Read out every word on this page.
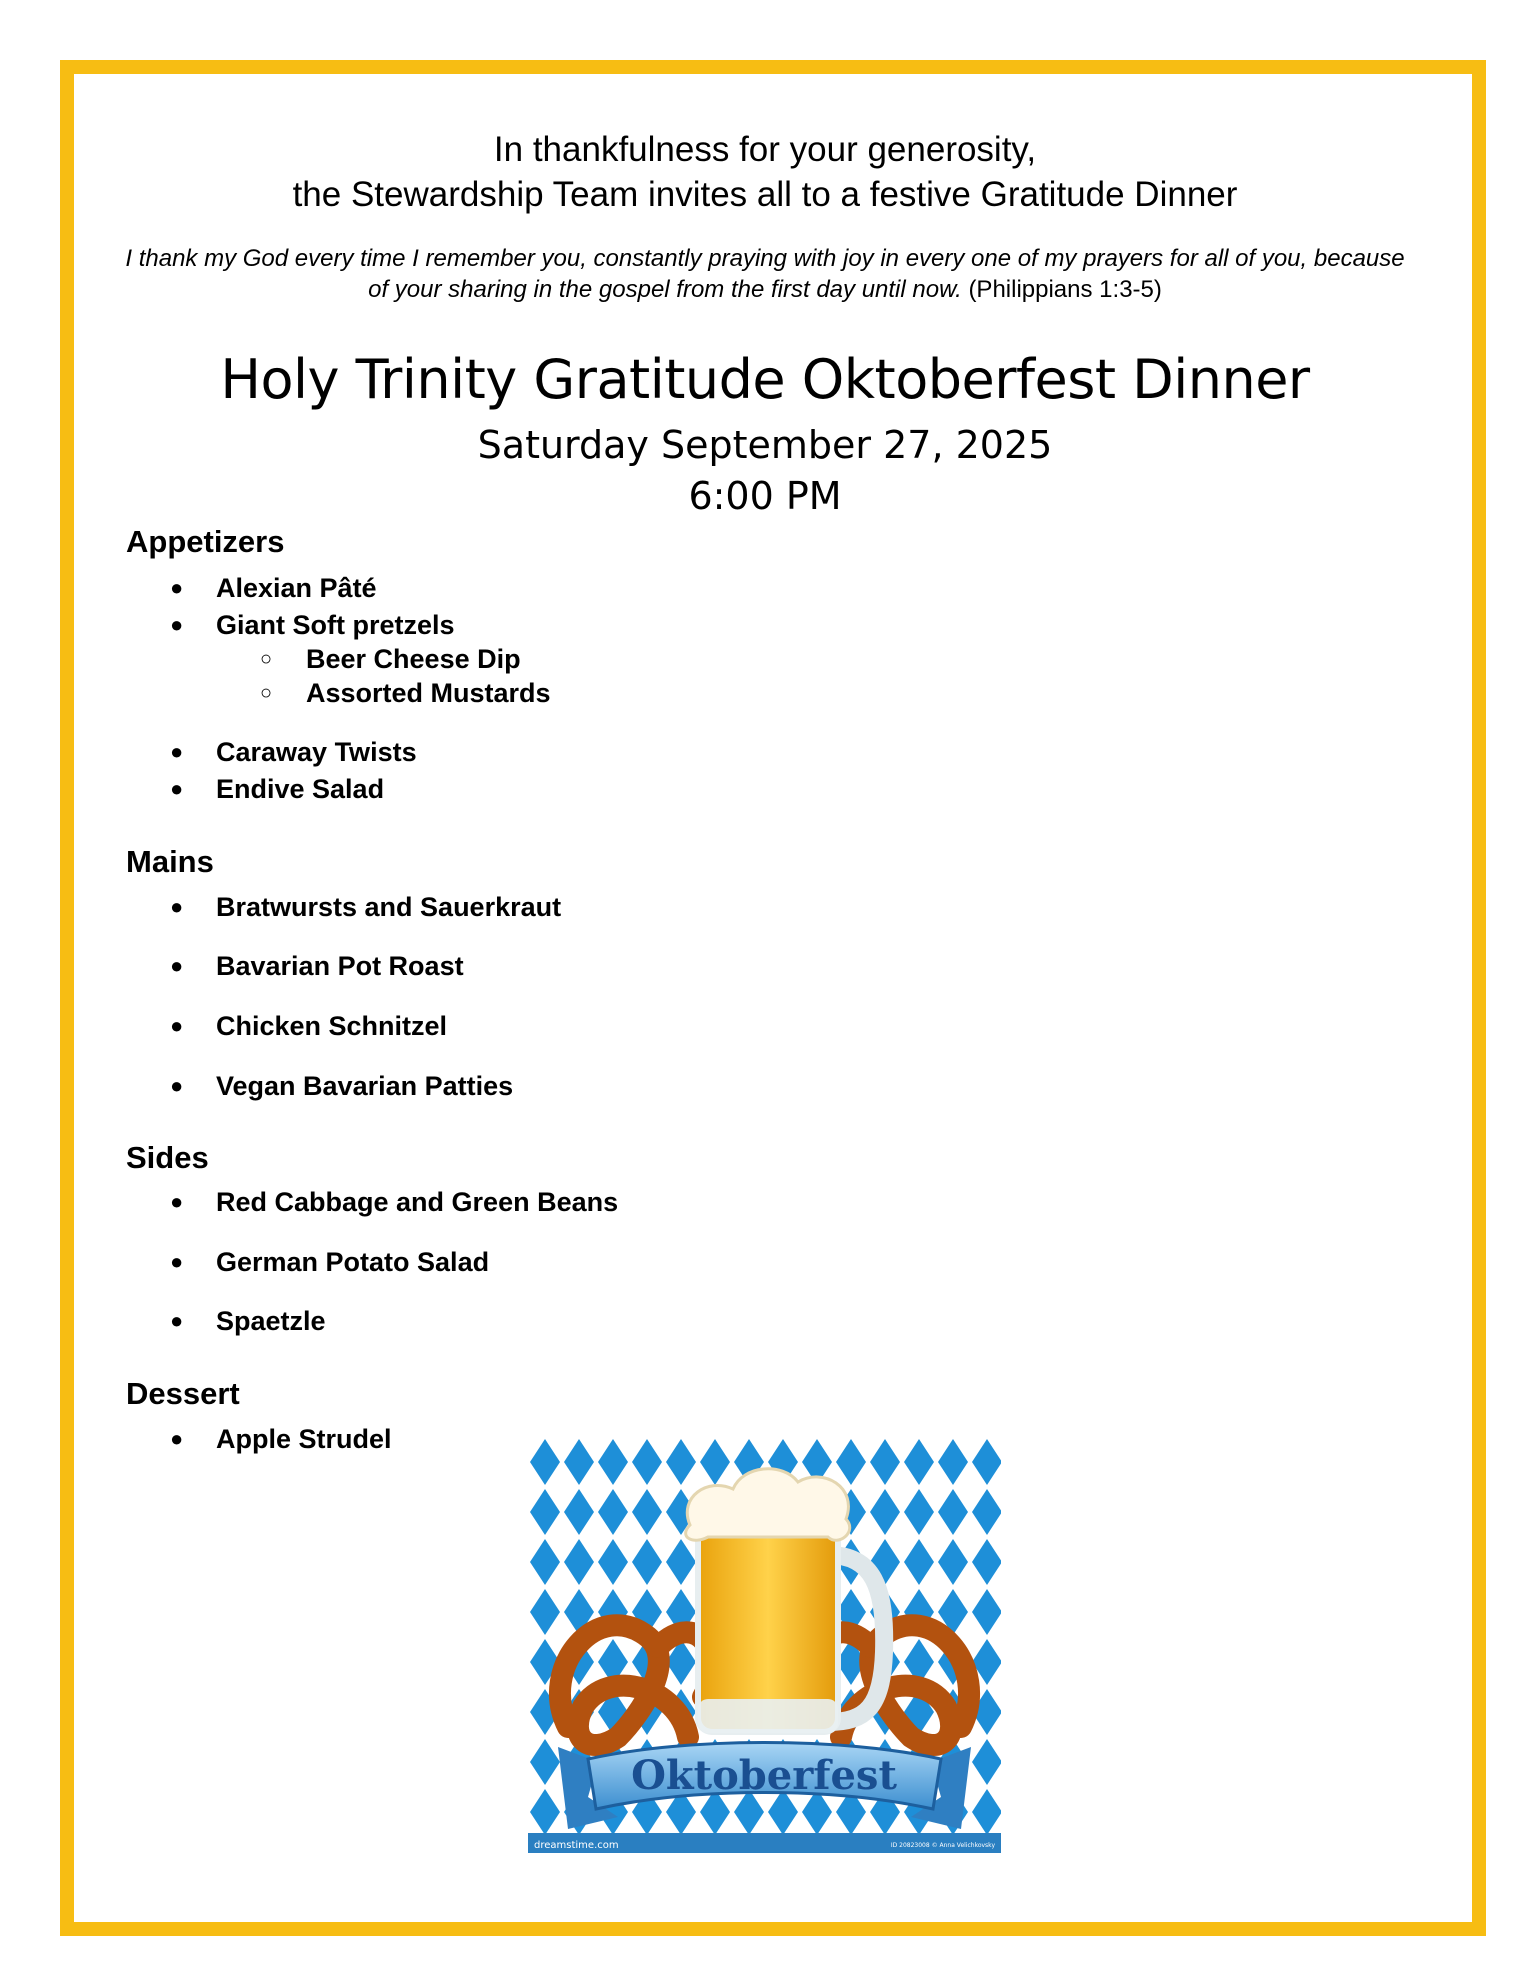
In thankfulness for your generosity,
the Stewardship Team invites all to a festive Gratitude Dinner
I thank my God every time I remember you, constantly praying with joy in every one of my prayers for all of you, because of your sharing in the gospel from the first day until now. (Philippians 1:3-5)
Holy Trinity Gratitude Oktoberfest Dinner
Saturday September 27, 2025
6:00 PM
Appetizers
● Alexian Pâté
● Giant Soft pretzels
○ Beer Cheese Dip
○ Assorted Mustards
● Caraway Twists
● Endive Salad
Mains
● Bratwursts and Sauerkraut
● Bavarian Pot Roast
● Chicken Schnitzel
● Vegan Bavarian Patties
Sides
● Red Cabbage and Green Beans
● German Potato Salad
● Spaetzle
Dessert
● Apple Strudel
Oktoberfest
dreamstime.com	ID 20823008 © Anna Velichkovsky
